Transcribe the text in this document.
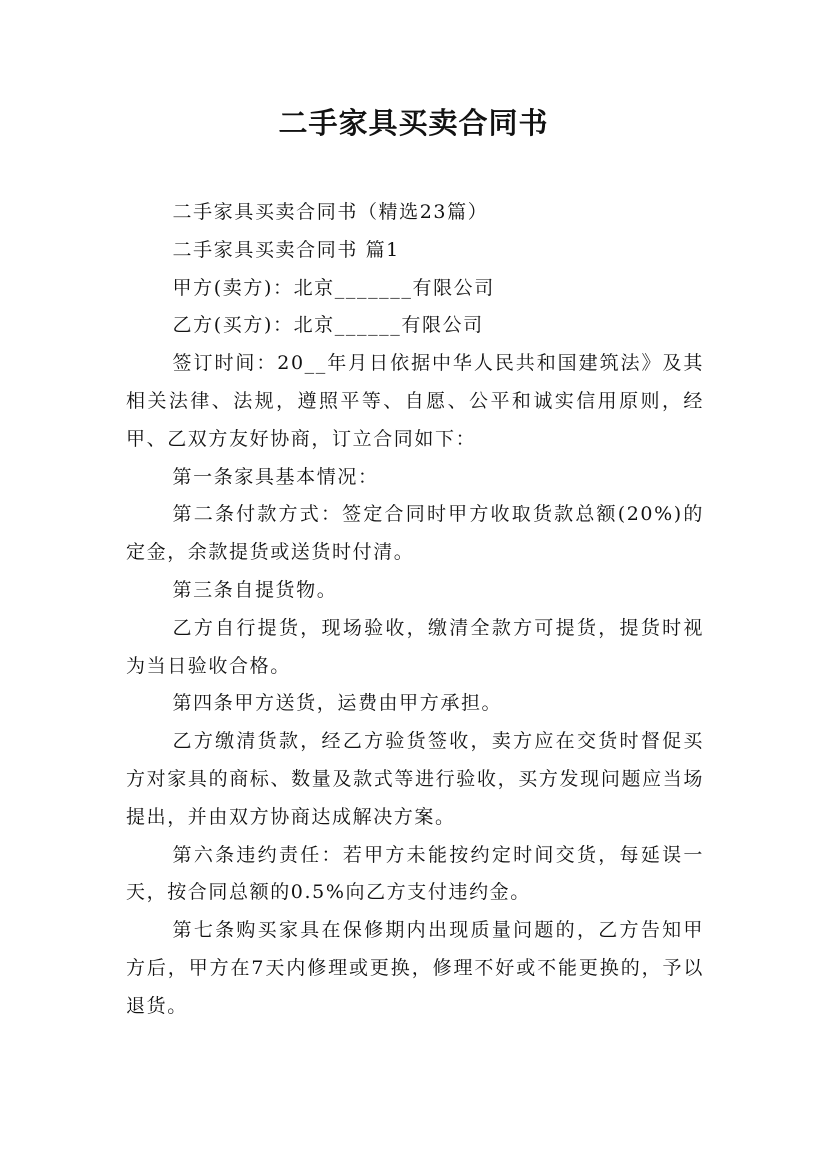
二手家具买卖合同书

二手家具买卖合同书（精选23篇）

二手家具买卖合同书 篇1

甲方(卖方)：北京_______有限公司

乙方(买方)：北京______有限公司

签订时间：20__年月日依据中华人民共和国建筑法》及其相关法律、法规，遵照平等、自愿、公平和诚实信用原则，经甲、乙双方友好协商，订立合同如下：

第一条家具基本情况：

第二条付款方式：签定合同时甲方收取货款总额(20%)的定金，余款提货或送货时付清。

第三条自提货物。

乙方自行提货，现场验收，缴清全款方可提货，提货时视为当日验收合格。

第四条甲方送货，运费由甲方承担。

乙方缴清货款，经乙方验货签收，卖方应在交货时督促买方对家具的商标、数量及款式等进行验收，买方发现问题应当场提出，并由双方协商达成解决方案。

第六条违约责任：若甲方未能按约定时间交货，每延误一天，按合同总额的0.5%向乙方支付违约金。

第七条购买家具在保修期内出现质量问题的，乙方告知甲方后，甲方在7天内修理或更换，修理不好或不能更换的，予以退货。
